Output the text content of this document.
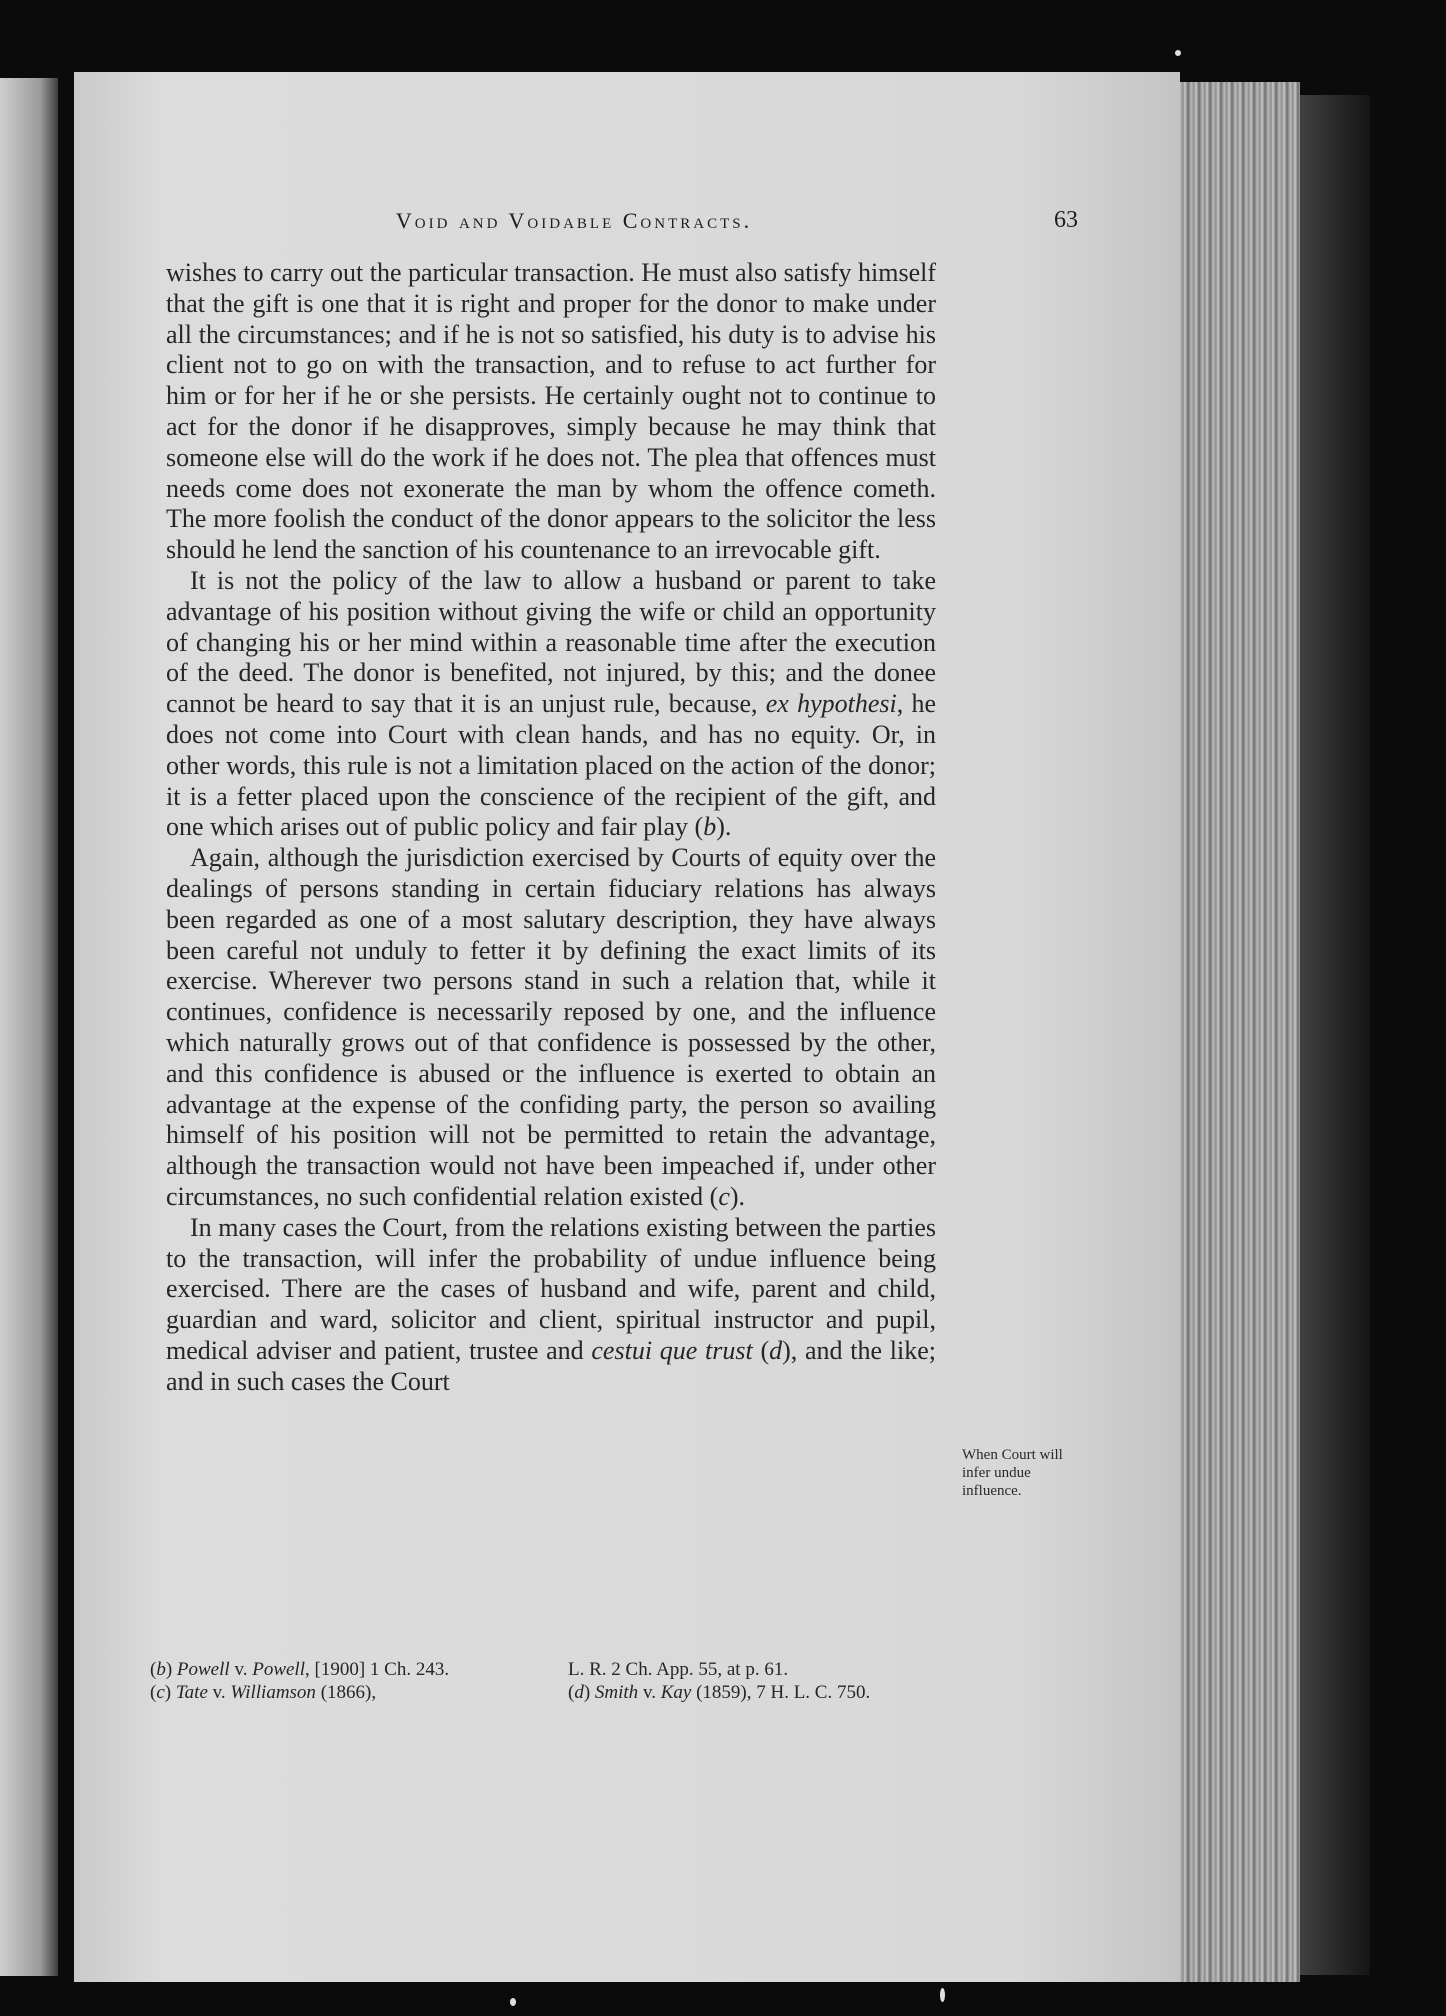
Void and Voidable Contracts.	63

wishes to carry out the particular transaction. He must also satisfy himself that the gift is one that it is right and proper for the donor to make under all the circumstances; and if he is not so satisfied, his duty is to advise his client not to go on with the transaction, and to refuse to act further for him or for her if he or she persists. He certainly ought not to continue to act for the donor if he disapproves, simply because he may think that someone else will do the work if he does not. The plea that offences must needs come does not exonerate the man by whom the offence cometh. The more foolish the conduct of the donor appears to the solicitor the less should he lend the sanction of his countenance to an irrevocable gift.

It is not the policy of the law to allow a husband or parent to take advantage of his position without giving the wife or child an opportunity of changing his or her mind within a reasonable time after the execution of the deed. The donor is benefited, not injured, by this; and the donee cannot be heard to say that it is an unjust rule, because, ex hypothesi, he does not come into Court with clean hands, and has no equity. Or, in other words, this rule is not a limitation placed on the action of the donor; it is a fetter placed upon the conscience of the recipient of the gift, and one which arises out of public policy and fair play (b).

Again, although the jurisdiction exercised by Courts of equity over the dealings of persons standing in certain fiduciary relations has always been regarded as one of a most salutary description, they have always been careful not unduly to fetter it by defining the exact limits of its exercise. Wherever two persons stand in such a relation that, while it continues, confidence is necessarily reposed by one, and the influence which naturally grows out of that confidence is possessed by the other, and this confidence is abused or the influence is exerted to obtain an advantage at the expense of the confiding party, the person so availing himself of his position will not be permitted to retain the advantage, although the transaction would not have been impeached if, under other circumstances, no such confidential relation existed (c).

In many cases the Court, from the relations existing between the parties to the transaction, will infer the probability of undue influence being exercised. There are the cases of husband and wife, parent and child, guardian and ward, solicitor and client, spiritual instructor and pupil, medical adviser and patient, trustee and cestui que trust (d), and the like; and in such cases the Court

When Court will infer undue influence.

(b) Powell v. Powell, [1900] 1 Ch. 243.

(c) Tate v. Williamson (1866),

L. R. 2 Ch. App. 55, at p. 61.

(d) Smith v. Kay (1859), 7 H. L. C. 750.
